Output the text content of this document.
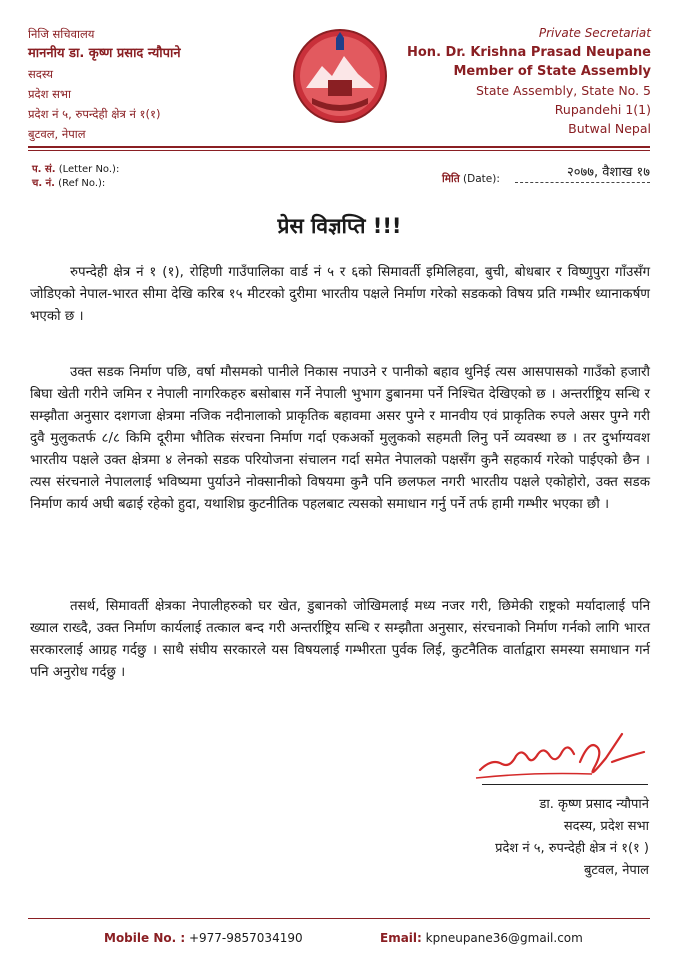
निजि सचिवालय
माननीय डा. कृष्ण प्रसाद न्यौपाने
सदस्य
प्रदेश सभा
प्रदेश नं ५, रुपन्देही क्षेत्र नं १(१)
बुटवल, नेपाल
Private Secretariat
Hon. Dr. Krishna Prasad Neupane
Member of State Assembly
State Assembly, State No. 5
Rupandehi 1(1)
Butwal Nepal
प. सं. (Letter No.):
च. नं. (Ref No.):	मिति (Date):	२०७७, वैशाख १७
प्रेस विज्ञप्ति !!!
रुपन्देही क्षेत्र नं १ (१), रोहिणी गाउँपालिका वार्ड नं ५ र ६को सिमावर्ती इमिलिहवा, बुची, बोधबार र विष्णुपुरा गाँउसँग जोडिएको नेपाल-भारत सीमा देखि करिब १५ मीटरको दुरीमा भारतीय पक्षले निर्माण गरेको सडकको विषय प्रति गम्भीर ध्यानाकर्षण भएको छ ।
उक्त सडक निर्माण पछि, वर्षा मौसमको पानीले निकास नपाउने र पानीको बहाव थुनिई त्यस आसपासको गाउँको हजारौ बिघा खेती गरीने जमिन र नेपाली नागरिकहरु बसोबास गर्ने नेपाली भुभाग डुबानमा पर्ने निश्चित देखिएको छ । अन्तर्राष्ट्रिय सन्धि र सम्झौता अनुसार दशगजा क्षेत्रमा नजिक नदीनालाको प्राकृतिक बहावमा असर पुग्ने र मानवीय एवं प्राकृतिक रुपले असर पुग्ने गरी दुवै मुलुकतर्फ ८/८ किमि दूरीमा भौतिक संरचना निर्माण गर्दा एकअर्को मुलुकको सहमती लिनु पर्ने व्यवस्था छ । तर दुर्भाग्यवश भारतीय पक्षले उक्त क्षेत्रमा ४ लेनको सडक परियोजना संचालन गर्दा समेत नेपालको पक्षसँग कुनै सहकार्य गरेको पाईएको छैन । त्यस संरचनाले नेपाललाई भविष्यमा पुर्याउने नोक्सानीको विषयमा कुनै पनि छलफल नगरी भारतीय पक्षले एकोहोरो, उक्त सडक निर्माण कार्य अघी बढाई रहेको हुदा, यथाशिघ्र कुटनीतिक पहलबाट त्यसको समाधान गर्नु पर्ने तर्फ हामी गम्भीर भएका छौ ।
तसर्थ, सिमावर्ती क्षेत्रका नेपालीहरुको घर खेत, डुबानको जोखिमलाई मध्य नजर गरी, छिमेकी राष्ट्रको मर्यादालाई पनि ख्याल राख्दै, उक्त निर्माण कार्यलाई तत्काल बन्द गरी अन्तर्राष्ट्रिय सन्धि र सम्झौता अनुसार, संरचनाको निर्माण गर्नको लागि भारत सरकारलाई आग्रह गर्दछु । साथै संघीय सरकारले यस विषयलाई गम्भीरता पुर्वक लिई, कुटनैतिक वार्ताद्वारा समस्या समाधान गर्न पनि अनुरोध गर्दछु ।
डा. कृष्ण प्रसाद न्यौपाने
सदस्य, प्रदेश सभा
प्रदेश नं ५, रुपन्देही क्षेत्र नं १(१ )
बुटवल, नेपाल
Mobile No. : +977-9857034190	Email: kpneupane36@gmail.com
